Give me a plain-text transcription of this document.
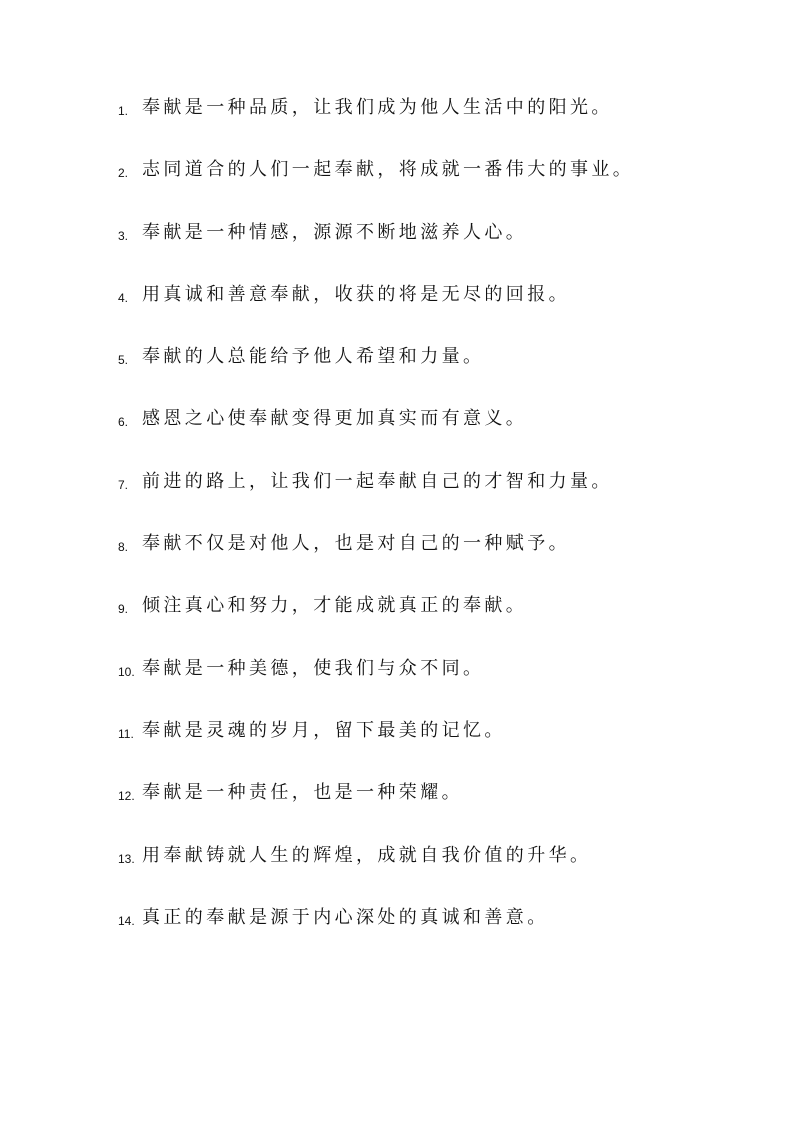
1. 奉献是一种品质，让我们成为他人生活中的阳光。
2. 志同道合的人们一起奉献，将成就一番伟大的事业。
3. 奉献是一种情感，源源不断地滋养人心。
4. 用真诚和善意奉献，收获的将是无尽的回报。
5. 奉献的人总能给予他人希望和力量。
6. 感恩之心使奉献变得更加真实而有意义。
7. 前进的路上，让我们一起奉献自己的才智和力量。
8. 奉献不仅是对他人，也是对自己的一种赋予。
9. 倾注真心和努力，才能成就真正的奉献。
10. 奉献是一种美德，使我们与众不同。
11. 奉献是灵魂的岁月，留下最美的记忆。
12. 奉献是一种责任，也是一种荣耀。
13. 用奉献铸就人生的辉煌，成就自我价值的升华。
14. 真正的奉献是源于内心深处的真诚和善意。
